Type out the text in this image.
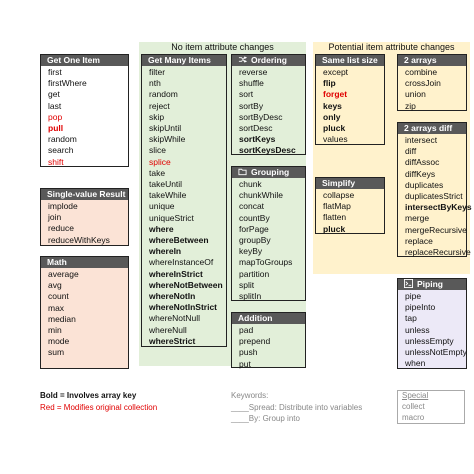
No item attribute changes	Potential item attribute changes
Get One Item
first
firstWhere
get
last
pop
pull
random
search
shift
Single-value Result
implode
join
reduce
reduceWithKeys
Math
average
avg
count
max
median
min
mode
sum
Get Many Items
filter
nth
random
reject
skip
skipUntil
skipWhile
slice
splice
take
takeUntil
takeWhile
unique
uniqueStrict
where
whereBetween
whereIn
whereInstanceOf
whereInStrict
whereNotBetween
whereNotIn
whereNotInStrict
whereNotNull
whereNull
whereStrict
Ordering
reverse
shuffle
sort
sortBy
sortByDesc
sortDesc
sortKeys
sortKeysDesc
Grouping
chunk
chunkWhile
concat
countBy
forPage
groupBy
keyBy
mapToGroups
partition
split
splitIn
Addition
pad
prepend
push
put
Same list size
except
flip
forget
keys
only
pluck
values
Simplify
collapse
flatMap
flatten
pluck
2 arrays
combine
crossJoin
union
zip
2 arrays diff
intersect
diff
diffAssoc
diffKeys
duplicates
duplicatesStrict
intersectByKeys
merge
mergeRecursive
replace
replaceRecursive
Piping
pipe
pipeInto
tap
unless
unlessEmpty
unlessNotEmpty
when
Bold = Involves array key
Red = Modifies original collection
Keywords:
____Spread: Distribute into variables
____By: Group into
Special
collect
macro
